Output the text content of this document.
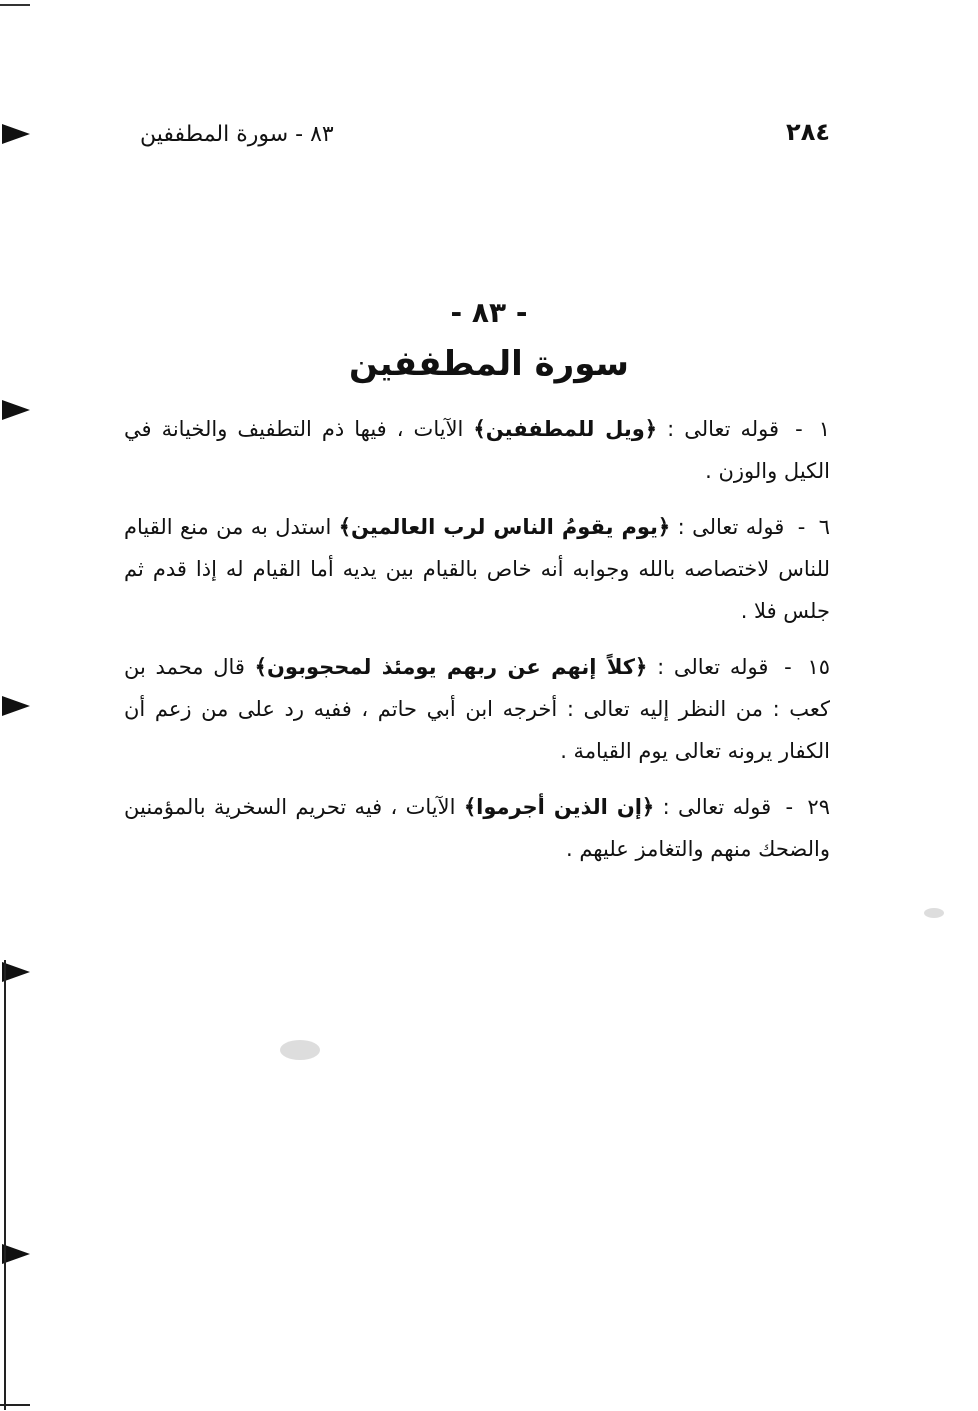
٢٨٤
٨٣ - سورة المطففين
- ٨٣ -
سورة المطففين

١ - قوله تعالى : ﴿ويل للمطففين﴾ الآيات ، فيها ذم التطفيف والخيانة في الكيل والوزن .

٦ - قوله تعالى : ﴿يوم يقومُ الناس لرب العالمين﴾ استدل به من منع القيام للناس لاختصاصه بالله وجوابه أنه خاص بالقيام بين يديه أما القيام له إذا قدم ثم جلس فلا .

١٥ - قوله تعالى : ﴿كلاً إنهم عن ربهم يومئذ لمحجوبون﴾ قال محمد بن كعب : من النظر إليه تعالى : أخرجه ابن أبي حاتم ، ففيه رد على من زعم أن الكفار يرونه تعالى يوم القيامة .

٢٩ - قوله تعالى : ﴿إن الذين أجرموا﴾ الآيات ، فيه تحريم السخرية بالمؤمنين والضحك منهم والتغامز عليهم .
